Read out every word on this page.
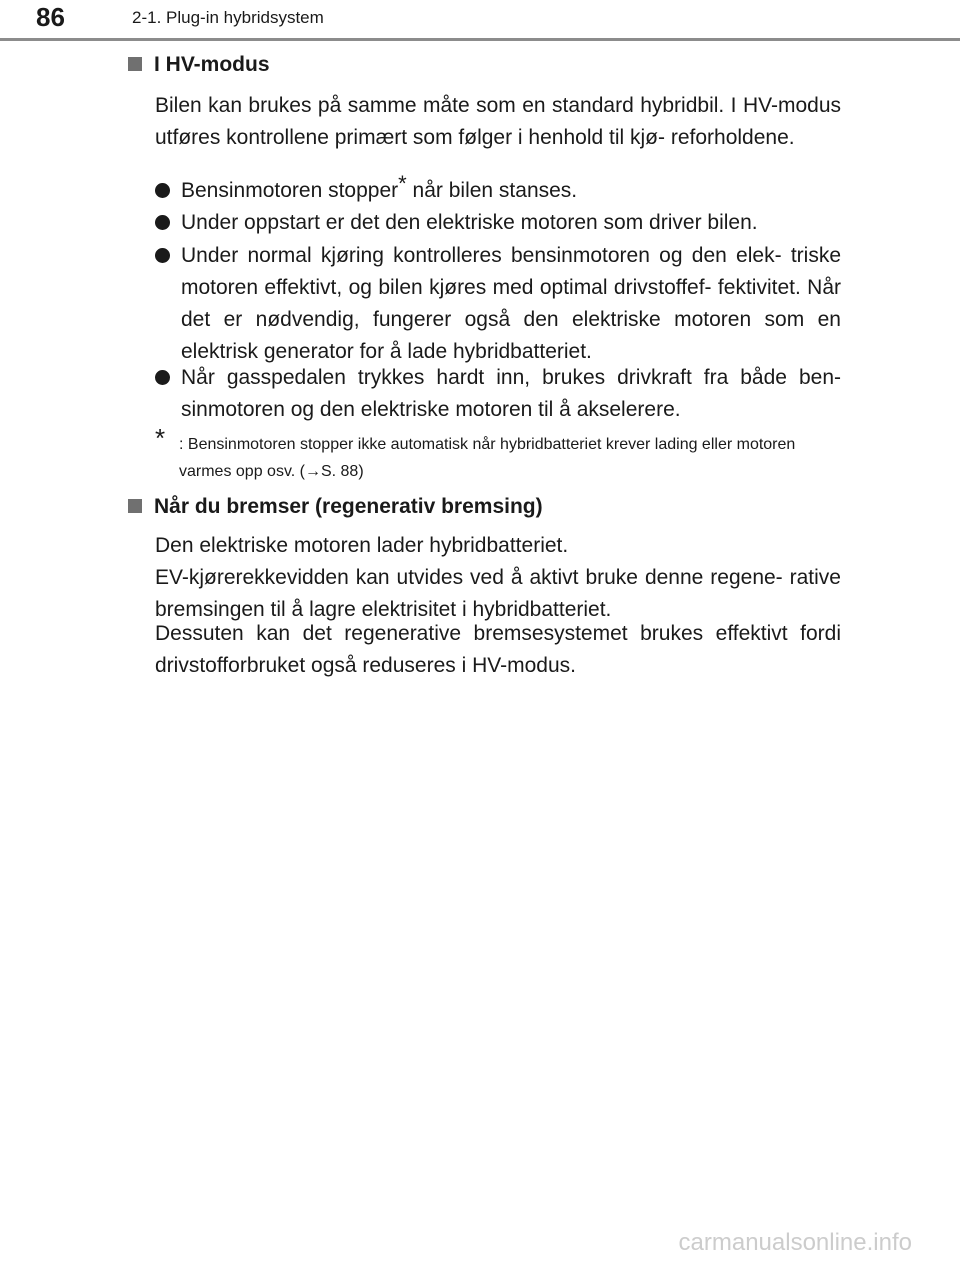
86	2-1. Plug-in hybridsystem
I HV-modus
Bilen kan brukes på samme måte som en standard hybridbil. I HV-modus utføres kontrollene primært som følger i henhold til kjø- reforholdene.
Bensinmotoren stopper* når bilen stanses.
Under oppstart er det den elektriske motoren som driver bilen.
Under normal kjøring kontrolleres bensinmotoren og den elek- triske motoren effektivt, og bilen kjøres med optimal drivstoffef- fektivitet. Når det er nødvendig, fungerer også den elektriske motoren som en elektrisk generator for å lade hybridbatteriet.
Når gasspedalen trykkes hardt inn, brukes drivkraft fra både ben- sinmotoren og den elektriske motoren til å akselerere.
* : Bensinmotoren stopper ikke automatisk når hybridbatteriet krever lading eller motoren varmes opp osv. (→S. 88)
Når du bremser (regenerativ bremsing)
Den elektriske motoren lader hybridbatteriet.
EV-kjørerekkevidden kan utvides ved å aktivt bruke denne regene- rative bremsingen til å lagre elektrisitet i hybridbatteriet.
Dessuten kan det regenerative bremsesystemet brukes effektivt fordi drivstofforbruket også reduseres i HV-modus.
carmanualsonline.info
